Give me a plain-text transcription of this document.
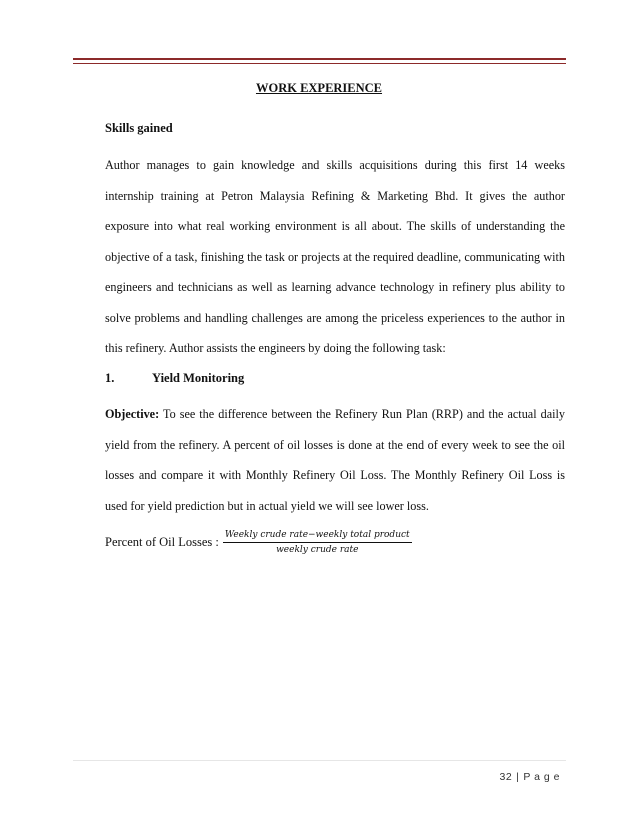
WORK EXPERIENCE
Skills gained

Author manages to gain knowledge and skills acquisitions during this first 14 weeks internship training at Petron Malaysia Refining & Marketing Bhd. It gives the author exposure into what real working environment is all about. The skills of understanding the objective of a task, finishing the task or projects at the required deadline, communicating with engineers and technicians as well as learning advance technology in refinery plus ability to solve problems and handling challenges are among the priceless experiences to the author in this refinery. Author assists the engineers by doing the following task:

1.	Yield Monitoring

Objective: To see the difference between the Refinery Run Plan (RRP) and the actual daily yield from the refinery. A percent of oil losses is done at the end of every week to see the oil losses and compare it with Monthly Refinery Oil Loss. The Monthly Refinery Oil Loss is used for yield prediction but in actual yield we will see lower loss.

Percent of Oil Losses : $\frac{\text{Weekly crude rate−weekly total product}}{\text{weekly crude rate}}$
32 | P a g e
